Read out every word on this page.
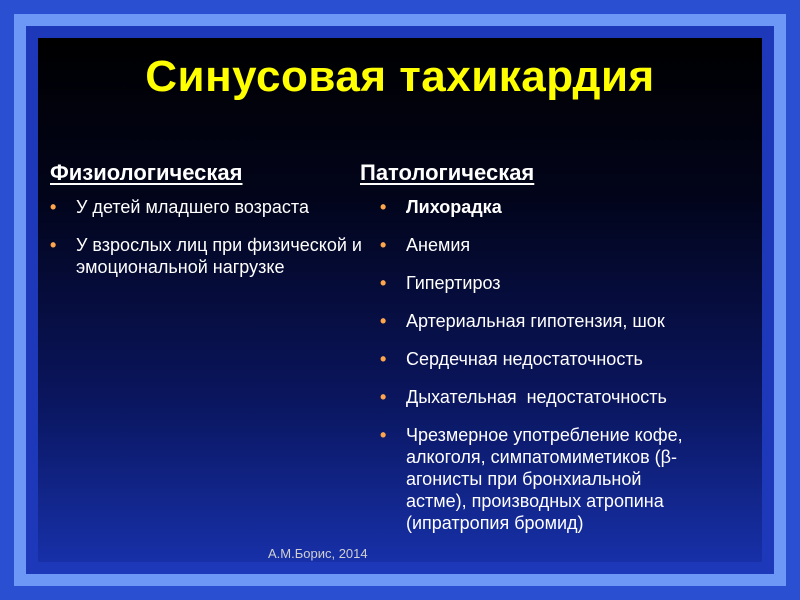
Синусовая тахикардия
Физиологическая	Патологическая
• У детей младшего возраста
• У взрослых лиц при физической и эмоциональной нагрузке
• Лихорадка
• Анемия
• Гипертироз
• Артериальная гипотензия, шок
• Сердечная недостаточность
• Дыхательная  недостаточность
• Чрезмерное употребление кофе, алкоголя, симпатомиметиков (β-агонисты при бронхиальной астме), производных атропина (ипратропия бромид)
А.М.Борис, 2014
